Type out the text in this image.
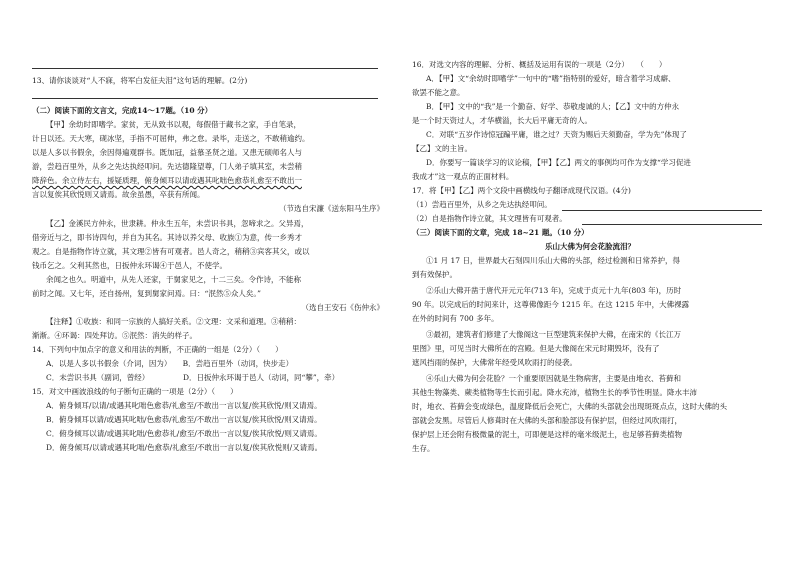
13、请你谈谈对“人不寐，将军白发征夫泪”这句话的理解。(2分)
（二）阅读下面的文言文，完成14～17题。（10 分）
【甲】余幼时即嗜学。家贫，无从致书以观，每假借于藏书之家，手自笔录，
计日以还。天大寒，砚冰坚，手指不可屈伸，弗之怠。录毕，走送之，不敢稍逾约。
以是人多以书假余，余因得遍观群书。既加冠，益慕圣贤之道。又患无硕师名人与
游，尝趋百里外，从乡之先达执经叩问。先达德隆望尊，门人弟子填其室，未尝稍
降辞色。余立侍左右，援疑质理，俯身倾耳以请或遇其叱咄色愈恭礼愈至不敢出一
言以复俟其欣悦则又请焉。故余虽愚，卒获有所闻。
（节选自宋濂《送东阳马生序》
【乙】金溪民方仲永，世隶耕。仲永生五年，未尝识书具，忽啼求之。父异焉，
借旁近与之，即书诗四句，并自为其名。其诗以养父母、收族①为意，传一乡秀才
观之。自是指物作诗立就，其文理②皆有可观者。邑人奇之，稍稍③宾客其父，或以
钱币乞之。父利其然也，日扳仲永环谒④于邑人，不使学。
余闻之也久。明道中，从先人还家，于舅家见之，十二三矣。令作诗，不能称
前时之闻。又七年，还自扬州，复到舅家问焉。曰：“泯然⑤众人矣。”
（选自王安石《伤仲永》
【注释】①收族：和同一宗族的人搞好关系。②文理：文采和道理。③稍稍：
渐渐。④环谒：四处拜访。⑤泯然：消失的样子。
14．下列句中加点字的意义和用法的判断，不正确的一组是（2分）（　　）
A．以是人多以书假余（介词，因为）　　B．尝趋百里外（动词，快步走）
C．未尝识书具（副词，曾经）　　　　　D．日扳仲永环谒于邑人（动词，同“攀”，牵）
15．对文中画波浪线的句子断句正确的一项是（2分）（　　）
A．俯身倾耳/以请/或遇其叱咄色愈恭/礼愈至/不敢出一言以复/俟其欣悦/则又请焉。
B．俯身倾耳以请/或遇其叱咄/色愈恭/礼愈至/不敢出一言以复/俟其欣悦/则又请焉。
C．俯身倾耳以请/或遇其叱咄/色愈恭礼/愈至/不敢出一言以复/俟其欣悦/则又请焉。
D．俯身倾耳/以请或遇其叱咄/色愈恭/礼愈至/不敢出一言以复/俟其欣悦则/又请焉。
16．对选文内容的理解、分析、概括及运用有误的一项是（2分）　　（　　）
A．【甲】文“余幼时即嗜学”一句中的“嗜”指特别的爱好，暗含着学习成癖、
欲罢不能之意。
B．【甲】文中的“我”是一个勤奋、好学、恭敬虔诚的人；【乙】文中的方仲永
是一个时天资过人，才华横溢，长大后平庸无奇的人。
C．对联“五岁作诗惊冠蹁平庸，谁之过？天资为赐后天须勤奋，学为先”体现了
【乙】文的主旨。
D．你要写一篇谈学习的议论稿，【甲】【乙】两文的事例均可作为支撑“学习促进
我成才”这一观点的正面材料。
17．将【甲】【乙】两个文段中画横线句子翻译成现代汉语。(4分)
（1）尝趋百里外，从乡之先达执经叩问。
（2）自是指物作诗立就，其文理皆有可观者。
（三）阅读下面的文章，完成 18~21 题。（10 分）
乐山大佛为何会花脸流泪？
①1 月 17 日，世界最大石刻四川乐山大佛的头部，经过检测和日常养护，得
到有效保护。
②乐山大佛开凿于唐代开元元年(713 年)，完成于贞元十九年(803 年)，历时
90 年。以完成后的时间来计，这尊佛像距今 1215 年。在这 1215 年中，大佛裸露
在外的时间有 700 多年。
③最初，建筑者们修建了大像阁这一巨型建筑来保护大佛，在南宋的《长江万
里图》里，可见当时大佛所在的宫殿。但是大像阁在宋元时期毁坏，没有了
遮风挡雨的保护，大佛常年经受风吹雨打的侵袭。
④乐山大佛为何会花脸？一个重要原因就是生物病害，主要是由地衣、苔藓和
其他生物藻类、蕨类植物等生长而引起。降水充沛，植物生长的季节性明显。降水丰沛
时，地衣、苔藓会变成绿色，温度降低后会死亡，大佛的头部就会出现斑斑点点，这时大佛的头
部就会发黑。尽管后人修葺时在大佛的头部和脸部设有保护层，但经过风吹雨打，
保护层上还会附有极微量的泥土，可即便是这样的毫米级泥土，也足够苔藓类植物
生存。
